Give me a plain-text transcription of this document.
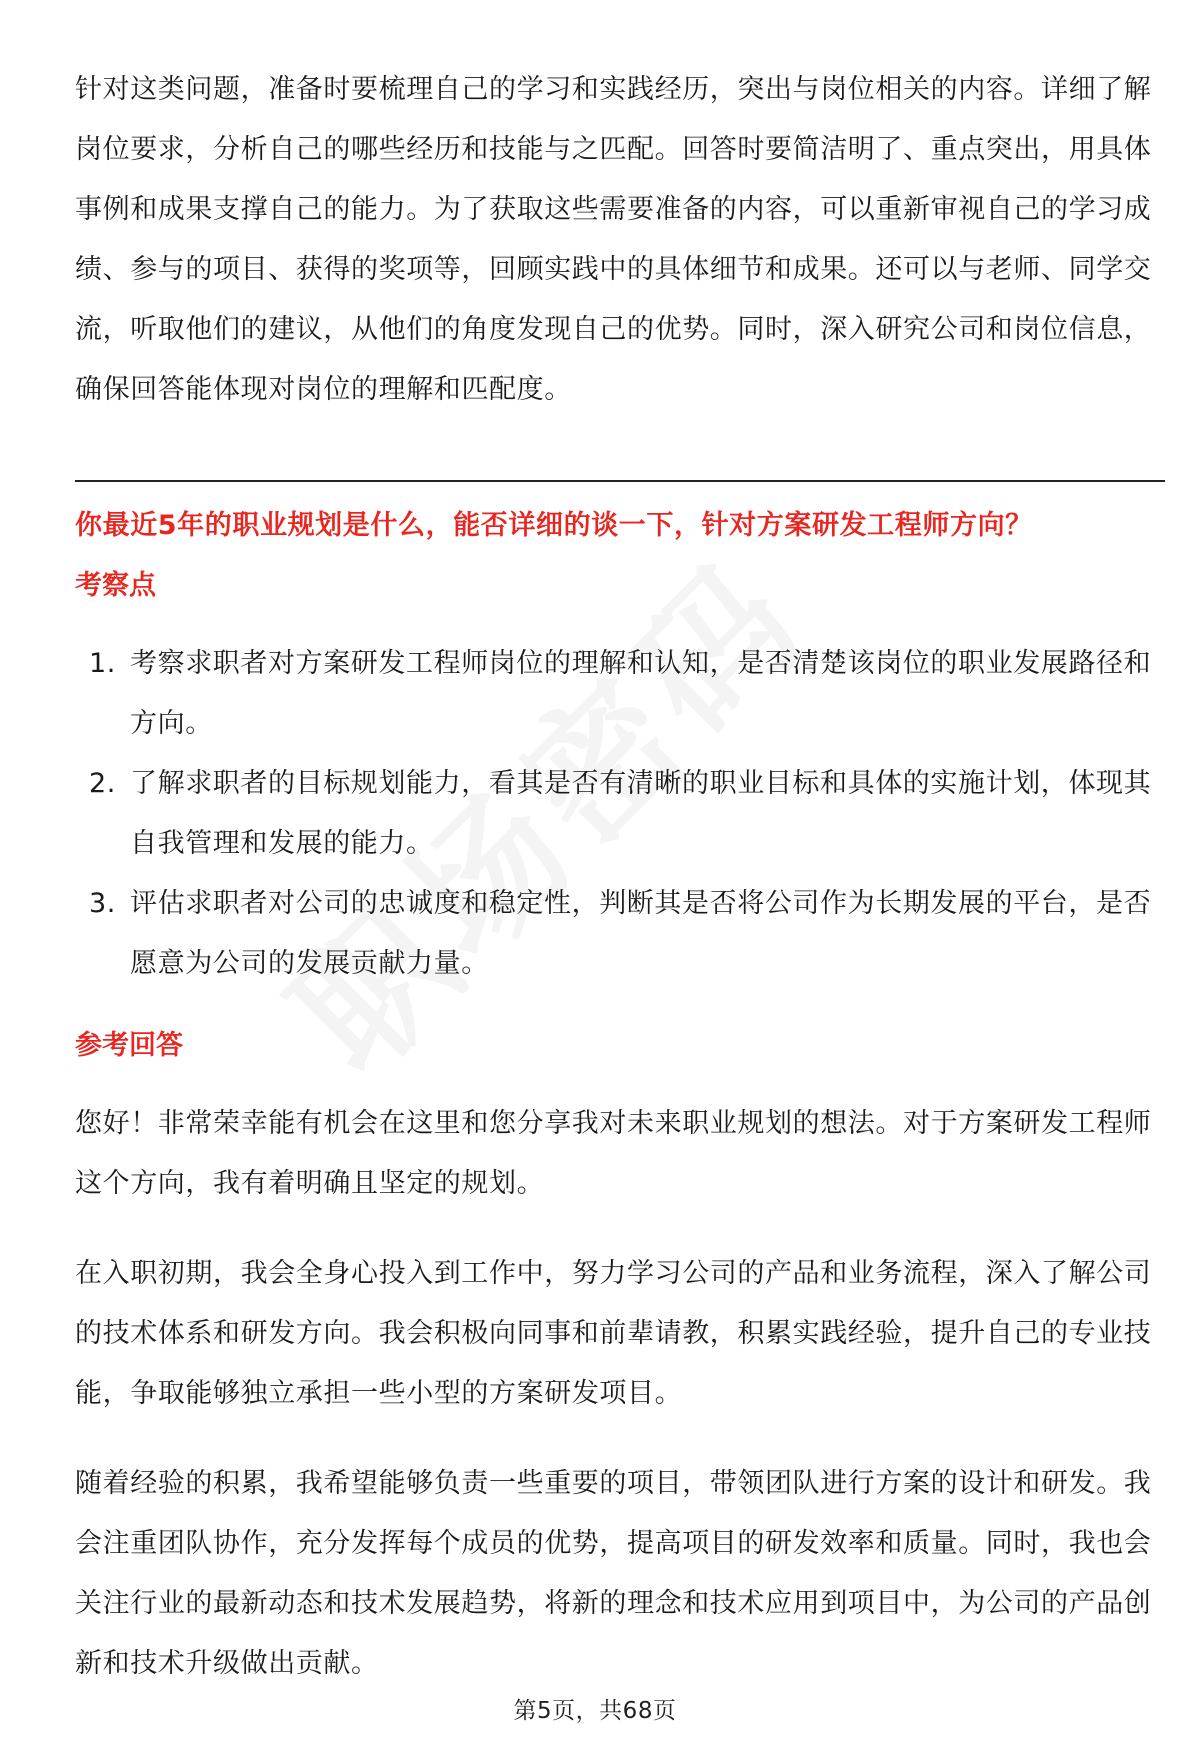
针对这类问题，准备时要梳理自己的学习和实践经历，突出与岗位相关的内容。详细了解岗位要求，分析自己的哪些经历和技能与之匹配。回答时要简洁明了、重点突出，用具体事例和成果支撑自己的能力。为了获取这些需要准备的内容，可以重新审视自己的学习成绩、参与的项目、获得的奖项等，回顾实践中的具体细节和成果。还可以与老师、同学交流，听取他们的建议，从他们的角度发现自己的优势。同时，深入研究公司和岗位信息，确保回答能体现对岗位的理解和匹配度。

你最近5年的职业规划是什么，能否详细的谈一下，针对方案研发工程师方向？

考察点

1. 考察求职者对方案研发工程师岗位的理解和认知，是否清楚该岗位的职业发展路径和方向。
2. 了解求职者的目标规划能力，看其是否有清晰的职业目标和具体的实施计划，体现其自我管理和发展的能力。
3. 评估求职者对公司的忠诚度和稳定性，判断其是否将公司作为长期发展的平台，是否愿意为公司的发展贡献力量。

参考回答

您好！非常荣幸能有机会在这里和您分享我对未来职业规划的想法。对于方案研发工程师这个方向，我有着明确且坚定的规划。

在入职初期，我会全身心投入到工作中，努力学习公司的产品和业务流程，深入了解公司的技术体系和研发方向。我会积极向同事和前辈请教，积累实践经验，提升自己的专业技能，争取能够独立承担一些小型的方案研发项目。

随着经验的积累，我希望能够负责一些重要的项目，带领团队进行方案的设计和研发。我会注重团队协作，充分发挥每个成员的优势，提高项目的研发效率和质量。同时，我也会关注行业的最新动态和技术发展趋势，将新的理念和技术应用到项目中，为公司的产品创新和技术升级做出贡献。

第5页，共68页
